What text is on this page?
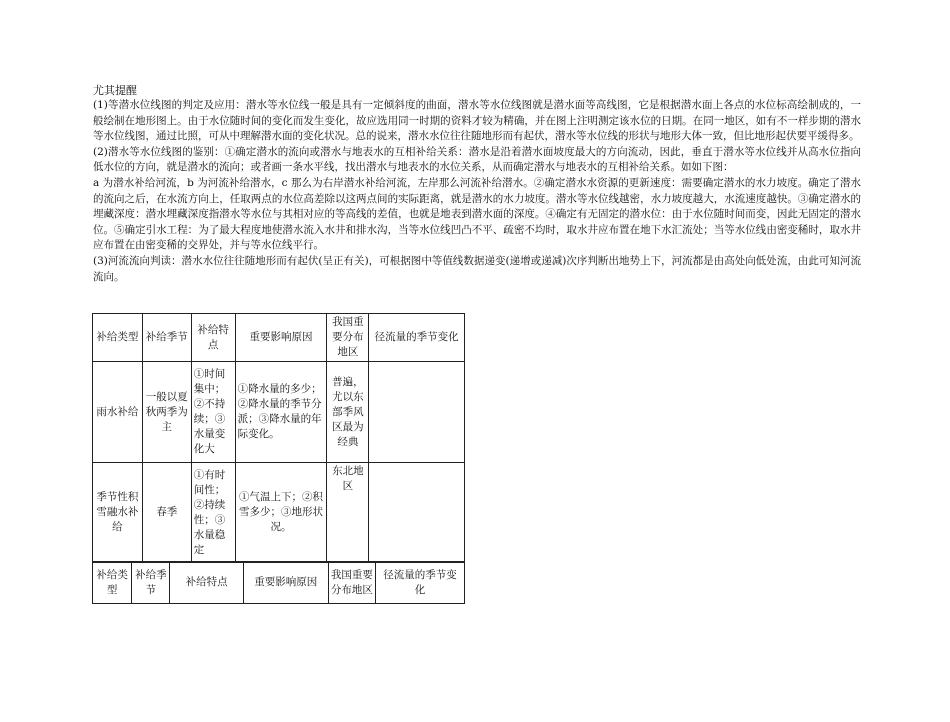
尤其提醒

(1)等潜水位线图的判定及应用：潜水等水位线一般是具有一定倾斜度的曲面，潜水等水位线图就是潜水面等高线图，它是根据潜水面上各点的水位标高绘制成的，一般绘制在地形图上。由于水位随时间的变化而发生变化，故应选用同一时期的资料才较为精确，并在图上注明测定该水位的日期。在同一地区，如有不一样步期的潜水等水位线图，通过比照，可从中理解潜水面的变化状况。总的说来，潜水水位往往随地形而有起伏，潜水等水位线的形状与地形大体一致，但比地形起伏要平缓得多。

(2)潜水等水位线图的鉴别：①确定潜水的流向或潜水与地表水的互相补给关系：潜水是沿着潜水面坡度最大的方向流动，因此，垂直于潜水等水位线并从高水位指向低水位的方向，就是潜水的流向；或者画一条水平线，找出潜水与地表水的水位关系，从而确定潜水与地表水的互相补给关系。如如下图：

a 为潜水补给河流，b 为河流补给潜水，c 那么为右岸潜水补给河流，左岸那么河流补给潜水。②确定潜水水资源的更新速度：需要确定潜水的水力坡度。确定了潜水的流向之后，在水流方向上，任取两点的水位高差除以这两点间的实际距离，就是潜水的水力坡度。潜水等水位线越密，水力坡度越大，水流速度越快。③确定潜水的埋藏深度：潜水埋藏深度指潜水等水位与其相对应的等高线的差值，也就是地表到潜水面的深度。④确定有无固定的潜水位：由于水位随时间而变，因此无固定的潜水位。⑤确定引水工程：为了最大程度地使潜水流入水井和排水沟，当等水位线凹凸不平、疏密不均时，取水井应布置在地下水汇流处；当等水位线由密变稀时，取水井应布置在由密变稀的交界处，并与等水位线平行。

(3)河流流向判读：潜水水位往往随地形而有起伏(呈正有关)，可根据图中等值线数据递变(递增或递减)次序判断出地势上下，河流都是由高处向低处流，由此可知河流流向。

补给类型	补给季节	补给特点	重要影响原因	我国重要分布地区	径流量的季节变化
雨水补给	一般以夏秋两季为主	①时间集中；②不持续；③水量变化大	①降水量的多少；②降水量的季节分派；③降水量的年际变化。	普遍，尤以东部季风区最为经典	
季节性积雪融水补给	春季	①有时间性；②持续性；③水量稳定	①气温上下；②积雪多少；③地形状况。	东北地区	
补给类型	补给季节	补给特点	重要影响原因	我国重要分布地区	径流量的季节变化
